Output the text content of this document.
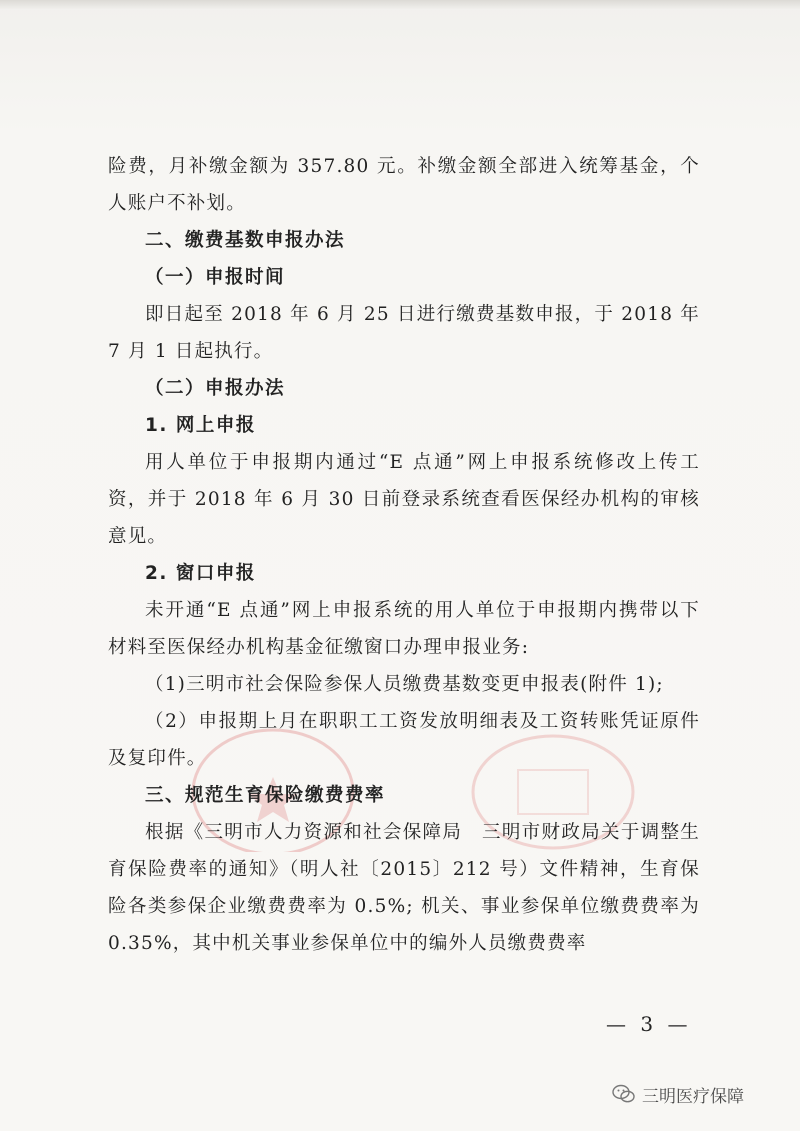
险费，月补缴金额为 357.80 元。补缴金额全部进入统筹基金，个人账户不补划。

二、缴费基数申报办法

（一）申报时间

即日起至 2018 年 6 月 25 日进行缴费基数申报，于 2018 年 7 月 1 日起执行。

（二）申报办法

1. 网上申报

用人单位于申报期内通过“E 点通”网上申报系统修改上传工资，并于 2018 年 6 月 30 日前登录系统查看医保经办机构的审核意见。

2. 窗口申报

未开通“E 点通”网上申报系统的用人单位于申报期内携带以下材料至医保经办机构基金征缴窗口办理申报业务:

（1)三明市社会保险参保人员缴费基数变更申报表(附件 1);

（2）申报期上月在职职工工资发放明细表及工资转账凭证原件及复印件。

三、规范生育保险缴费费率

根据《三明市人力资源和社会保障局　三明市财政局关于调整生育保险费率的通知》（明人社〔2015〕212 号）文件精神，生育保险各类参保企业缴费费率为 0.5%; 机关、事业参保单位缴费费率为 0.35%，其中机关事业参保单位中的编外人员缴费费率

— 3 —
三明医疗保障
